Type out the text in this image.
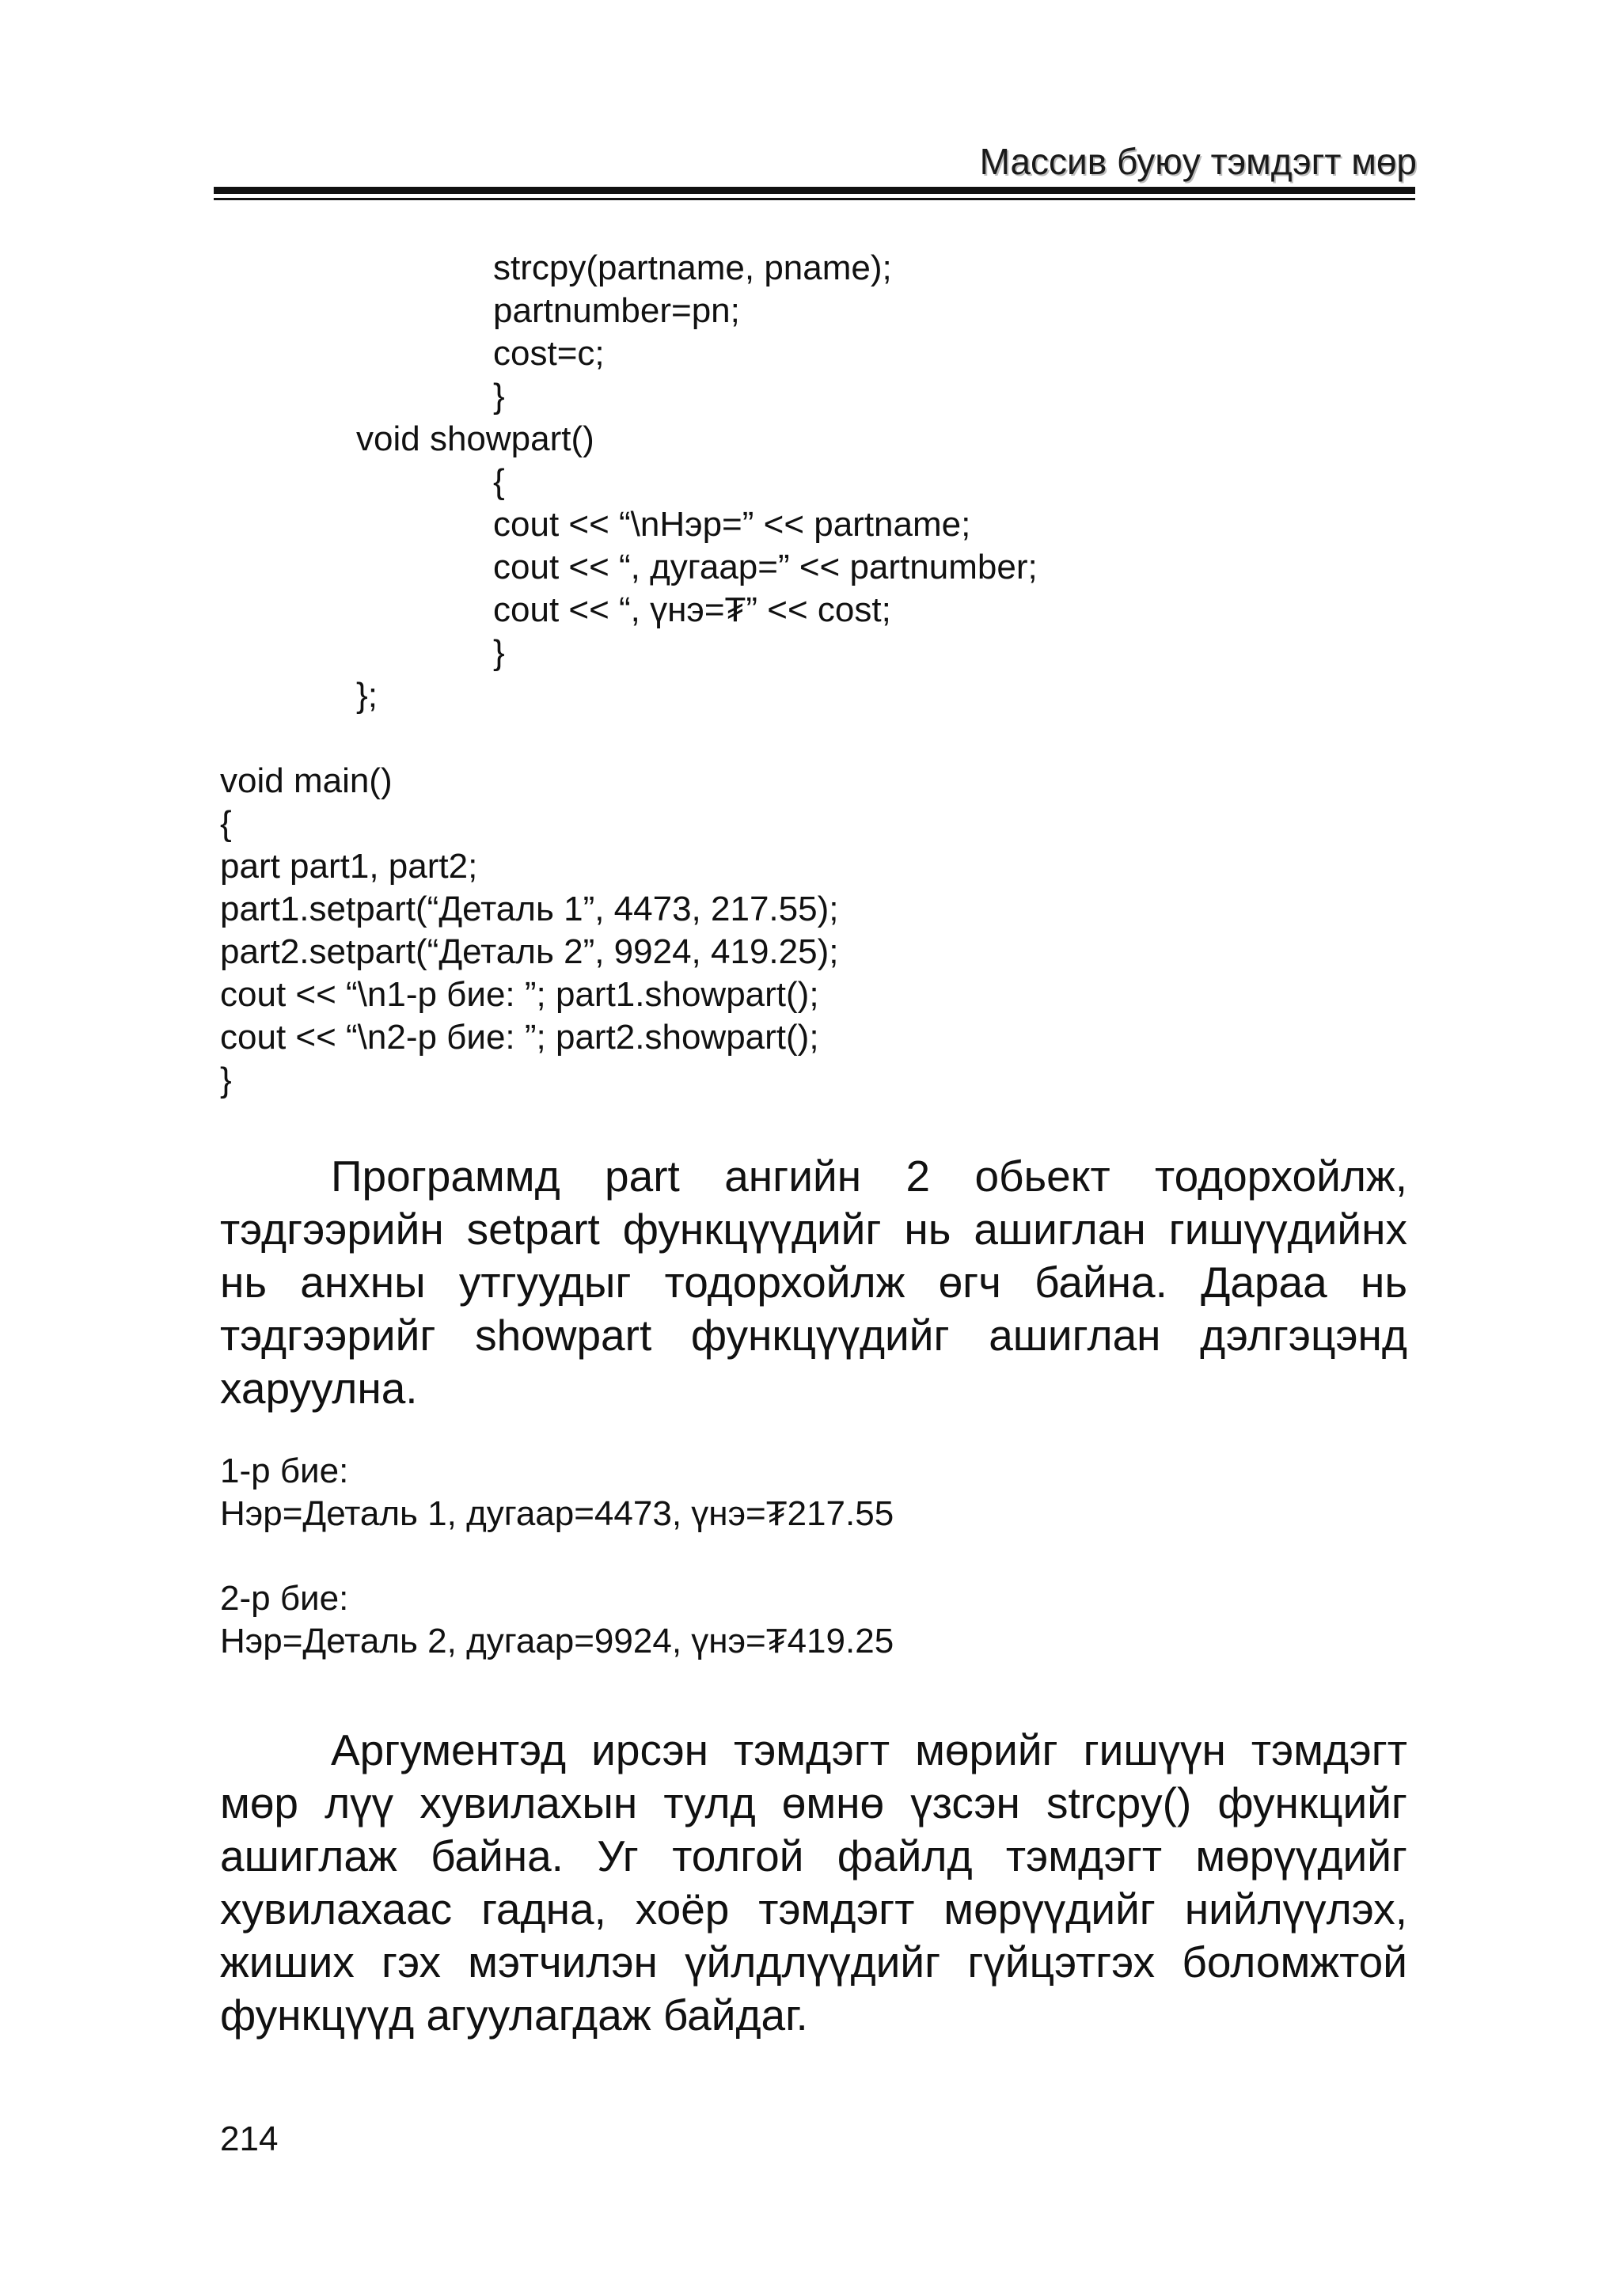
Массив буюу тэмдэгт мөр
strcpy(partname, pname);
partnumber=pn;
cost=c;
}
void showpart()
{
cout << “\nНэр=” << partname;
cout << “, дугаар=” << partnumber;
cout << “, үнэ=₮” << cost;
}
};
void main()
{
part part1, part2;
part1.setpart(“Деталь 1”, 4473, 217.55);
part2.setpart(“Деталь 2”, 9924, 419.25);
cout << “\n1-р бие: ”; part1.showpart();
cout << “\n2-р бие: ”; part2.showpart();
}

Программд part ангийн 2 обьект тодорхойлж, тэдгээрийн setpart функцүүдийг нь ашиглан гишүүдийнх нь анхны утгуудыг тодорхойлж өгч байна. Дараа нь тэдгээрийг showpart функцүүдийг ашиглан дэлгэцэнд харуулна.

1-р бие:
Нэр=Деталь 1, дугаар=4473, үнэ=₮217.55
2-р бие:
Нэр=Деталь 2, дугаар=9924, үнэ=₮419.25

Аргументэд ирсэн тэмдэгт мөрийг гишүүн тэмдэгт мөр лүү хувилахын тулд өмнө үзсэн strcpy() функцийг ашиглаж байна. Уг толгой файлд тэмдэгт мөрүүдийг хувилахаас гадна, хоёр тэмдэгт мөрүүдийг нийлүүлэх, жиших гэх мэтчилэн үйлдлүүдийг гүйцэтгэх боломжтой функцүүд агуулагдаж байдаг.

214
